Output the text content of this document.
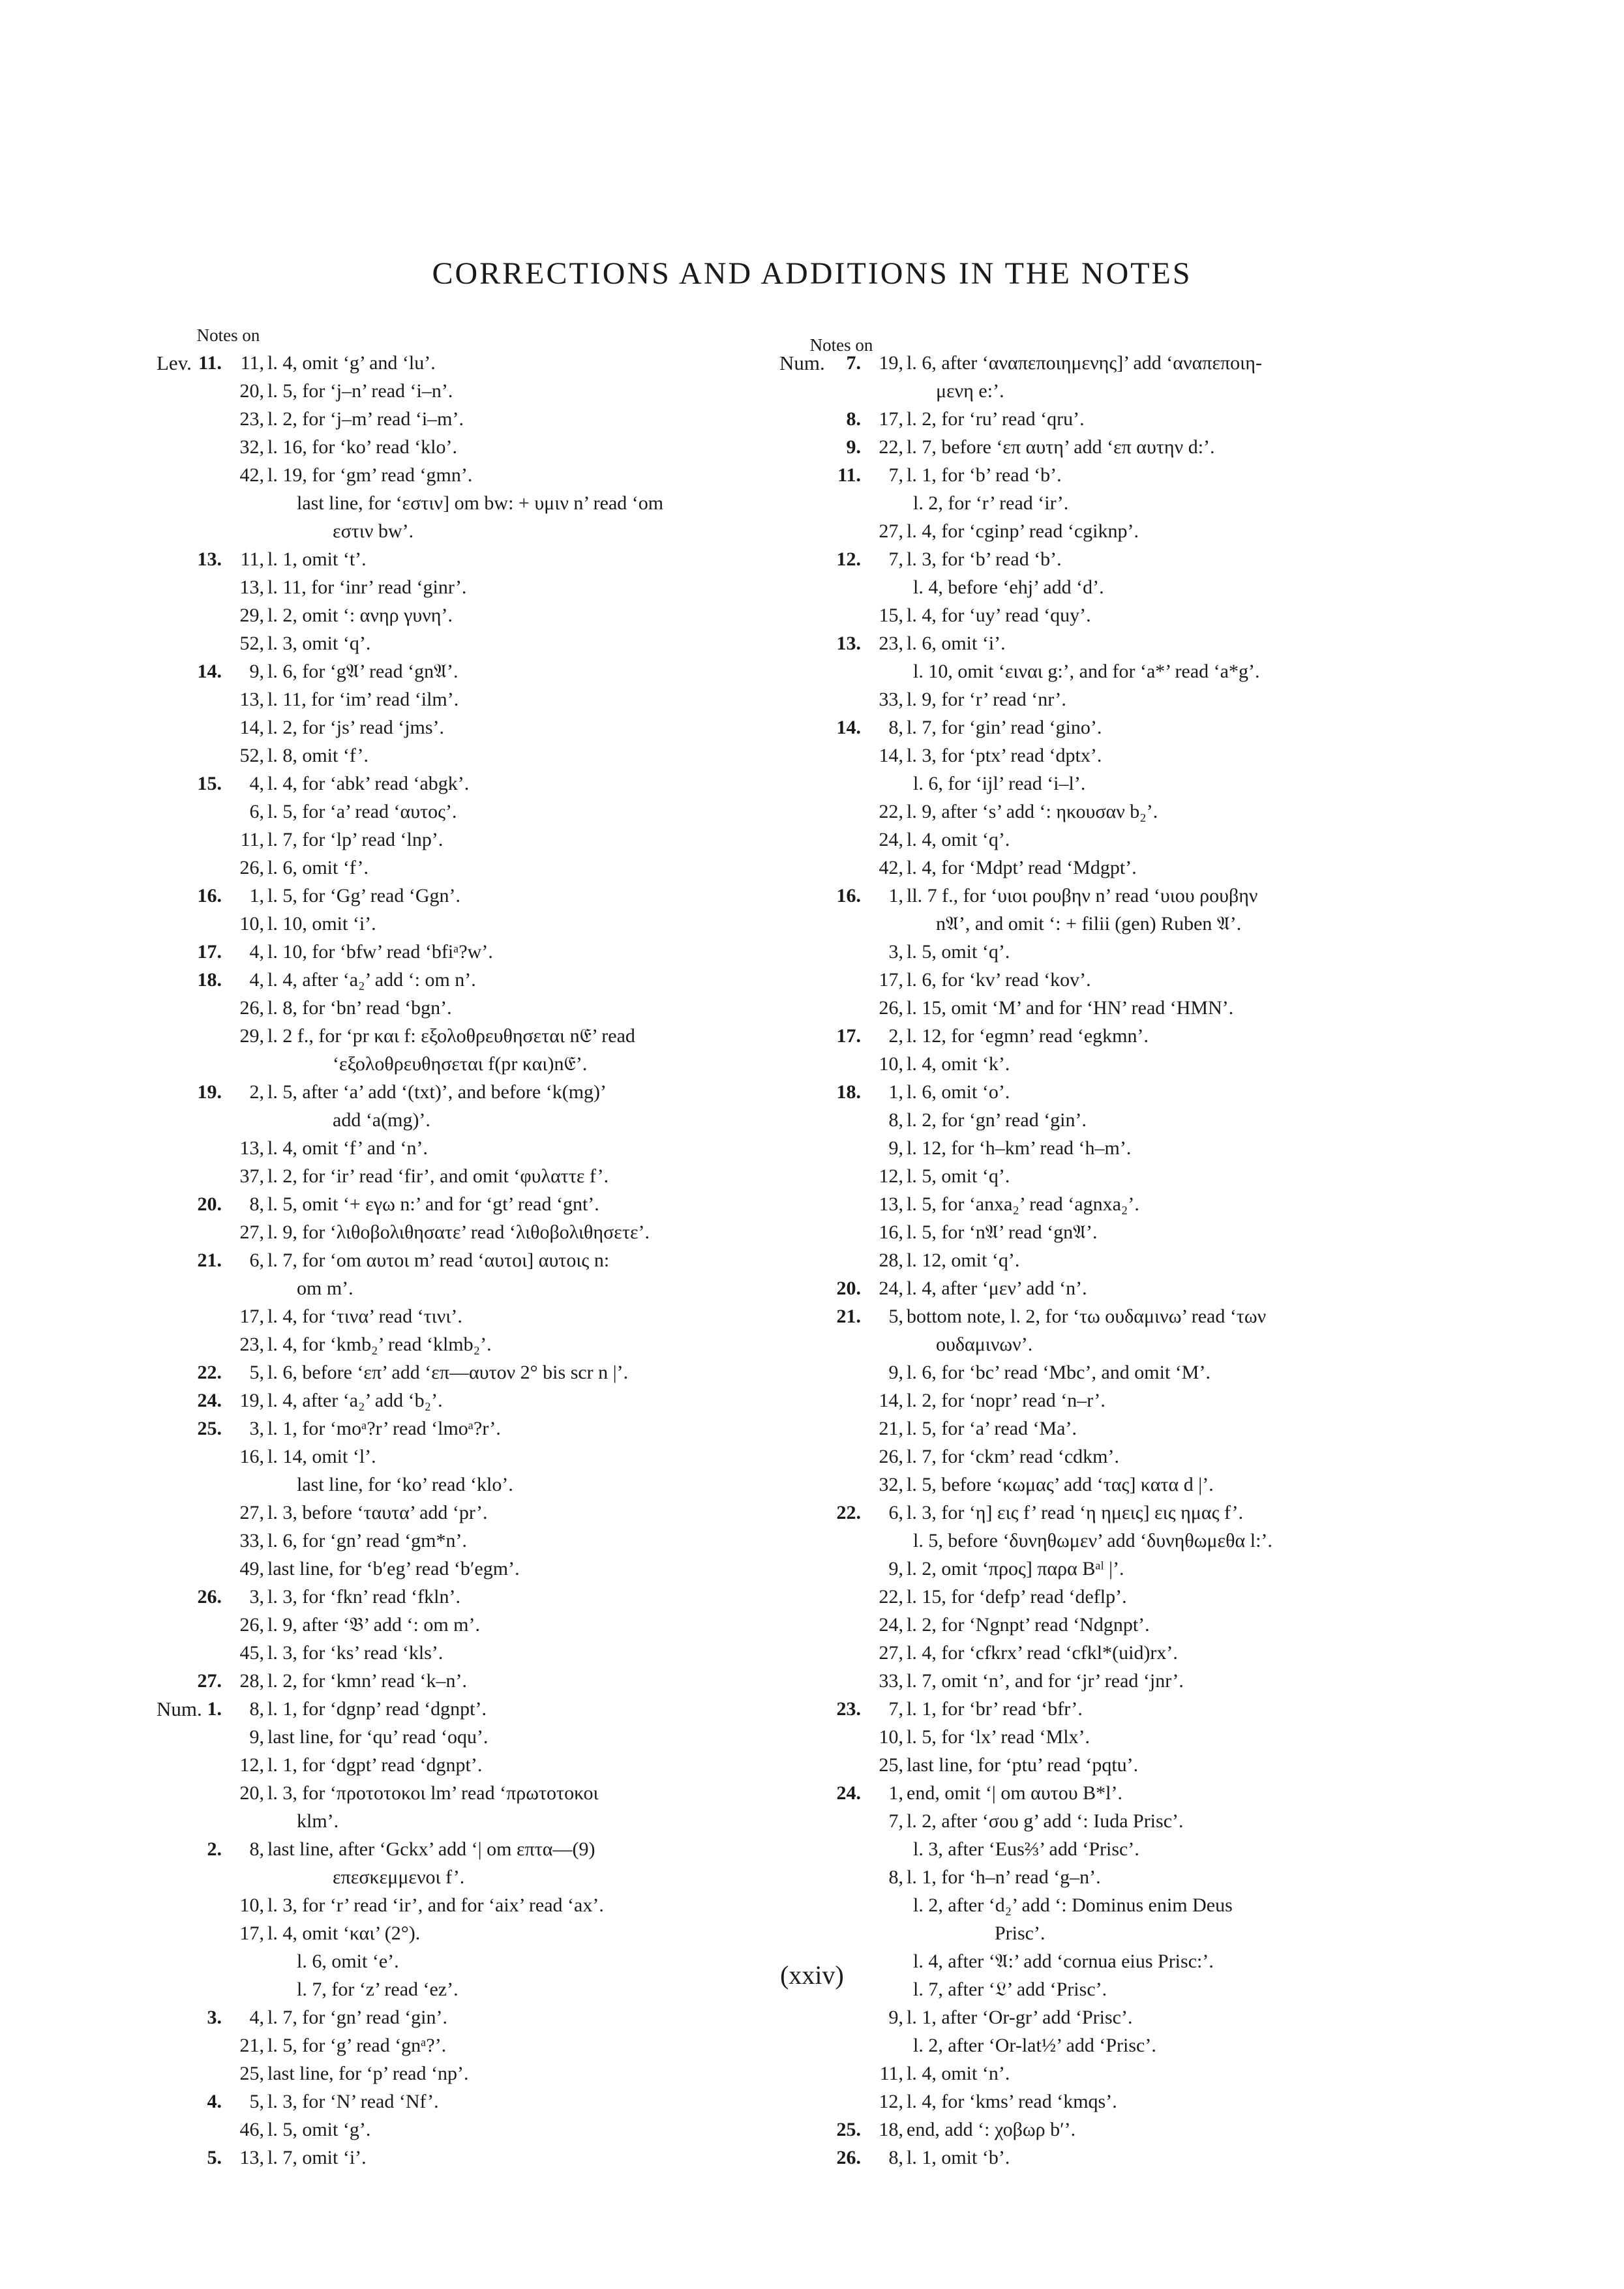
CORRECTIONS AND ADDITIONS IN THE NOTES
Notes on	Notes on
Lev. 11. 11, l. 4, omit ‘g’ and ‘lu’.
20, l. 5, for ‘j–n’ read ‘i–n’.
23, l. 2, for ‘j–m’ read ‘i–m’.
32, l. 16, for ‘ko’ read ‘klo’.
42, l. 19, for ‘gm’ read ‘gmn’.
last line, for ‘εστιν] om bw: + υμιν n’ read ‘om
εστιν bw’.
13. 11, l. 1, omit ‘t’.
13, l. 11, for ‘inr’ read ‘ginr’.
29, l. 2, omit ‘: ανηρ γυνη’.
52, l. 3, omit ‘q’.
14.	9, l. 6, for ‘g𝔄’ read ‘gn𝔄’.
13, l. 11, for ‘im’ read ‘ilm’.
14, l. 2, for ‘js’ read ‘jms’.
52, l. 8, omit ‘f’.
15.	4, l. 4, for ‘abk’ read ‘abgk’.
6, l. 5, for ‘a’ read ‘αυτος’.
11, l. 7, for ‘lp’ read ‘lnp’.
26, l. 6, omit ‘f’.
16.	1, l. 5, for ‘Gg’ read ‘Ggn’.
10, l. 10, omit ‘i’.
17.	4, l. 10, for ‘bfw’ read ‘bfiᵃ?w’.
18.	4, l. 4, after ‘a₂’ add ‘: om n’.
26, l. 8, for ‘bn’ read ‘bgn’.
29, l. 2 f., for ‘pr και f: εξολοθρευθησεται n𝔈’ read
‘εξολοθρευθησεται f(pr και)n𝔈’.
19.	2, l. 5, after ‘a’ add ‘(txt)’, and before ‘k(mg)’
add ‘a(mg)’.
13, l. 4, omit ‘f’ and ‘n’.
37, l. 2, for ‘ir’ read ‘fir’, and omit ‘φυλαττε f’.
20.	8, l. 5, omit ‘+ εγω n:’ and for ‘gt’ read ‘gnt’.
27, l. 9, for ‘λιθοβολιθησατε’ read ‘λιθοβολιθησετε’.
21.	6, l. 7, for ‘om αυτοι m’ read ‘αυτοι] αυτοις n:
om m’.
17, l. 4, for ‘τινα’ read ‘τινι’.
23, l. 4, for ‘kmb₂’ read ‘klmb₂’.
22.	5, l. 6, before ‘επ’ add ‘επ—αυτον 2° bis scr n |’.
24. 19, l. 4, after ‘a₂’ add ‘b₂’.
25.	3, l. 1, for ‘moᵃ?r’ read ‘lmoᵃ?r’.
16, l. 14, omit ‘l’.
last line, for ‘ko’ read ‘klo’.
27, l. 3, before ‘ταυτα’ add ‘pr’.
33, l. 6, for ‘gn’ read ‘gm*n’.
49, last line, for ‘b′eg’ read ‘b′egm’.
26.	3, l. 3, for ‘fkn’ read ‘fkln’.
26, l. 9, after ‘𝔅’ add ‘: om m’.
45, l. 3, for ‘ks’ read ‘kls’.
27. 28, l. 2, for ‘kmn’ read ‘k–n’.
Num. 1.	8, l. 1, for ‘dgnp’ read ‘dgnpt’.
9, last line, for ‘qu’ read ‘oqu’.
12, l. 1, for ‘dgpt’ read ‘dgnpt’.
20, l. 3, for ‘προτοτοκοι lm’ read ‘πρωτοτοκοι
klm’.
2.	8, last line, after ‘Gckx’ add ‘| om επτα—(9)
επεσκεμμενοι f’.
10, l. 3, for ‘r’ read ‘ir’, and for ‘aix’ read ‘ax’.
17, l. 4, omit ‘και’ (2°).
l. 6, omit ‘e’.
l. 7, for ‘z’ read ‘ez’.
3.	4, l. 7, for ‘gn’ read ‘gin’.
21, l. 5, for ‘g’ read ‘gnᵃ?’.
25, last line, for ‘p’ read ‘np’.
4.	5, l. 3, for ‘N’ read ‘Nf’.
46, l. 5, omit ‘g’.
5. 13, l. 7, omit ‘i’.
Num.	7. 19, l. 6, after ‘αναπεποιημενης]’ add ‘αναπεποιη-
μενη e:’.
8. 17, l. 2, for ‘ru’ read ‘qru’.
9. 22, l. 7, before ‘επ αυτη’ add ‘επ αυτην d:’.
11.	7, l. 1, for ‘b’ read ‘b’.
l. 2, for ‘r’ read ‘ir’.
27, l. 4, for ‘cginp’ read ‘cgiknp’.
12.	7, l. 3, for ‘b’ read ‘b’.
l. 4, before ‘ehj’ add ‘d’.
15, l. 4, for ‘uy’ read ‘quy’.
13. 23, l. 6, omit ‘i’.
l. 10, omit ‘ειναι g:’, and for ‘a*’ read ‘a*g’.
33, l. 9, for ‘r’ read ‘nr’.
14.	8, l. 7, for ‘gin’ read ‘gino’.
14, l. 3, for ‘ptx’ read ‘dptx’.
l. 6, for ‘ijl’ read ‘i–l’.
22, l. 9, after ‘s’ add ‘: ηκουσαν b₂’.
24, l. 4, omit ‘q’.
42, l. 4, for ‘Mdpt’ read ‘Mdgpt’.
16.	1, ll. 7 f., for ‘υιοι ρουβην n’ read ‘υιου ρουβην
n𝔄’, and omit ‘: + filii (gen) Ruben 𝔄’.
3, l. 5, omit ‘q’.
17, l. 6, for ‘kv’ read ‘kov’.
26, l. 15, omit ‘M’ and for ‘HN’ read ‘HMN’.
17.	2, l. 12, for ‘egmn’ read ‘egkmn’.
10, l. 4, omit ‘k’.
18.	1, l. 6, omit ‘o’.
8, l. 2, for ‘gn’ read ‘gin’.
9, l. 12, for ‘h–km’ read ‘h–m’.
12, l. 5, omit ‘q’.
13, l. 5, for ‘anxa₂’ read ‘agnxa₂’.
16, l. 5, for ‘n𝔄’ read ‘gn𝔄’.
28, l. 12, omit ‘q’.
20. 24, l. 4, after ‘μεν’ add ‘n’.
21.	5, bottom note, l. 2, for ‘τω ουδαμινω’ read ‘των
ουδαμινων’.
9, l. 6, for ‘bc’ read ‘Mbc’, and omit ‘M’.
14, l. 2, for ‘nopr’ read ‘n–r’.
21, l. 5, for ‘a’ read ‘Ma’.
26, l. 7, for ‘ckm’ read ‘cdkm’.
32, l. 5, before ‘κωμας’ add ‘τας] κατα d |’.
22.	6, l. 3, for ‘η] εις f’ read ‘η ημεις] εις ημας f’.
l. 5, before ‘δυνηθωμεν’ add ‘δυνηθωμεθα l:’.
9, l. 2, omit ‘προς] παρα Bᵃˡ |’.
22, l. 15, for ‘defp’ read ‘deflp’.
24, l. 2, for ‘Ngnpt’ read ‘Ndgnpt’.
27, l. 4, for ‘cfkrx’ read ‘cfkl*(uid)rx’.
33, l. 7, omit ‘n’, and for ‘jr’ read ‘jnr’.
23.	7, l. 1, for ‘br’ read ‘bfr’.
10, l. 5, for ‘lx’ read ‘Mlx’.
25, last line, for ‘ptu’ read ‘pqtu’.
24.	1, end, omit ‘| om αυτου B*l’.
7, l. 2, after ‘σου g’ add ‘: Iuda Prisc’.
l. 3, after ‘Eus⅔’ add ‘Prisc’.
8, l. 1, for ‘h–n’ read ‘g–n’.
l. 2, after ‘d₂’ add ‘: Dominus enim Deus
Prisc’.
l. 4, after ‘𝔄:’ add ‘cornua eius Prisc:’.
l. 7, after ‘𝔏’ add ‘Prisc’.
9, l. 1, after ‘Or-gr’ add ‘Prisc’.
l. 2, after ‘Or-lat½’ add ‘Prisc’.
11, l. 4, omit ‘n’.
12, l. 4, for ‘kms’ read ‘kmqs’.
25. 18, end, add ‘: χοβωρ b′’.
26.	8, l. 1, omit ‘b’.
(xxiv)
